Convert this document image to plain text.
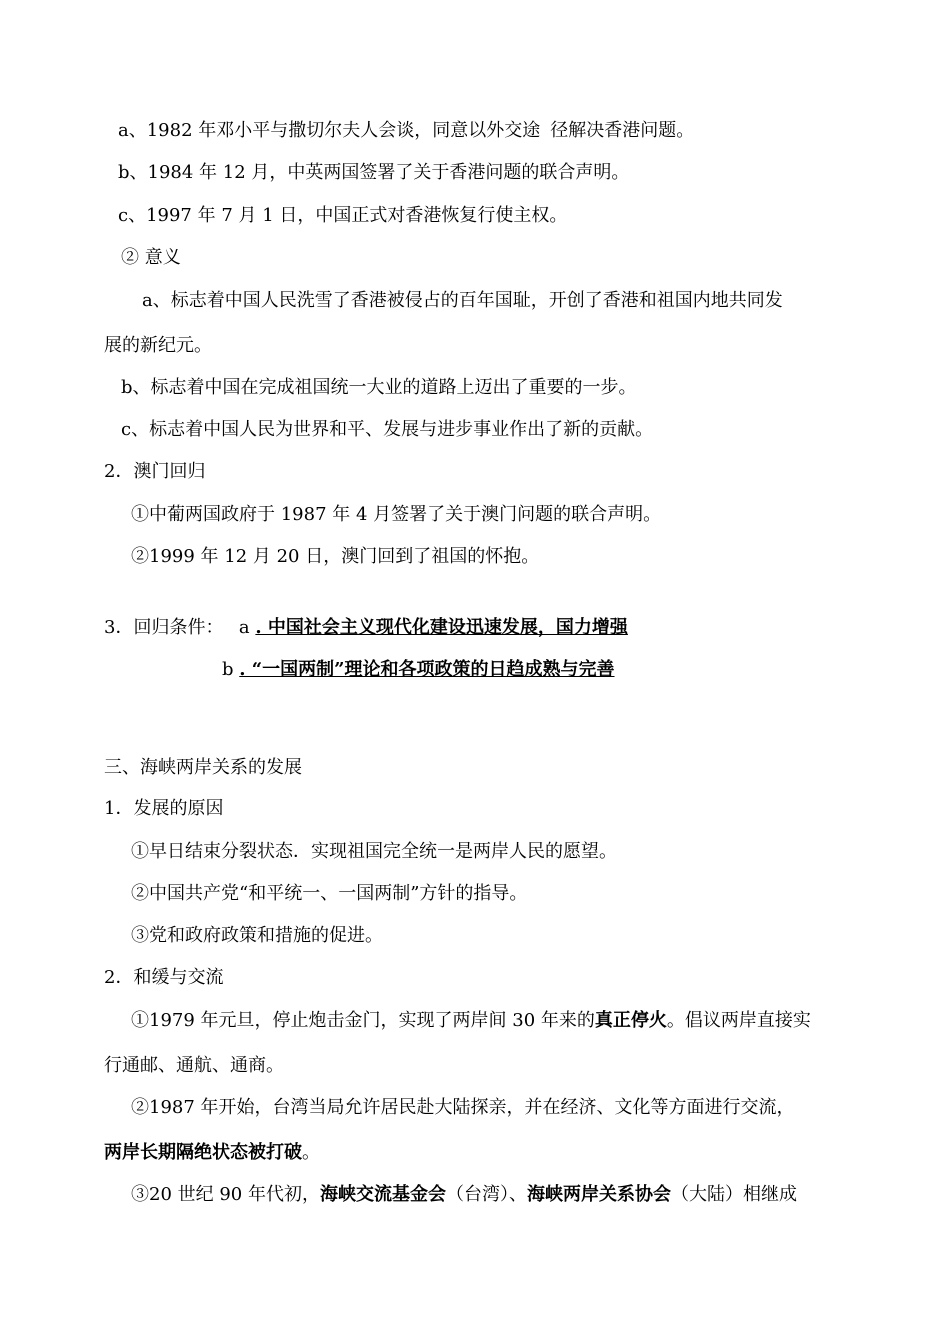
a、1982 年邓小平与撒切尔夫人会谈，同意以外交途 径解决香港问题。
b、1984 年 12 月，中英两国签署了关于香港问题的联合声明。
c、1997 年 7 月 1 日，中国正式对香港恢复行使主权。
② 意义
a、标志着中国人民洗雪了香港被侵占的百年国耻，开创了香港和祖国内地共同发
展的新纪元。
b、标志着中国在完成祖国统一大业的道路上迈出了重要的一步。
c、标志着中国人民为世界和平、发展与进步事业作出了新的贡献。
2．澳门回归
①中葡两国政府于 1987 年 4 月签署了关于澳门问题的联合声明。
②1999 年 12 月 20 日，澳门回到了祖国的怀抱。
3．回归条件： a . 中国社会主义现代化建设迅速发展，国力增强
b . “一国两制”理论和各项政策的日趋成熟与完善
三、海峡两岸关系的发展
1．发展的原因
①早日结束分裂状态．实现祖国完全统一是两岸人民的愿望。
②中国共产党“和平统一、一国两制”方针的指导。
③党和政府政策和措施的促进。
2．和缓与交流
①1979 年元旦，停止炮击金门，实现了两岸间 30 年来的真正停火。倡议两岸直接实
行通邮、通航、通商。
②1987 年开始，台湾当局允许居民赴大陆探亲，并在经济、文化等方面进行交流，
两岸长期隔绝状态被打破。
③20 世纪 90 年代初，海峡交流基金会（台湾）、海峡两岸关系协会（大陆）相继成
